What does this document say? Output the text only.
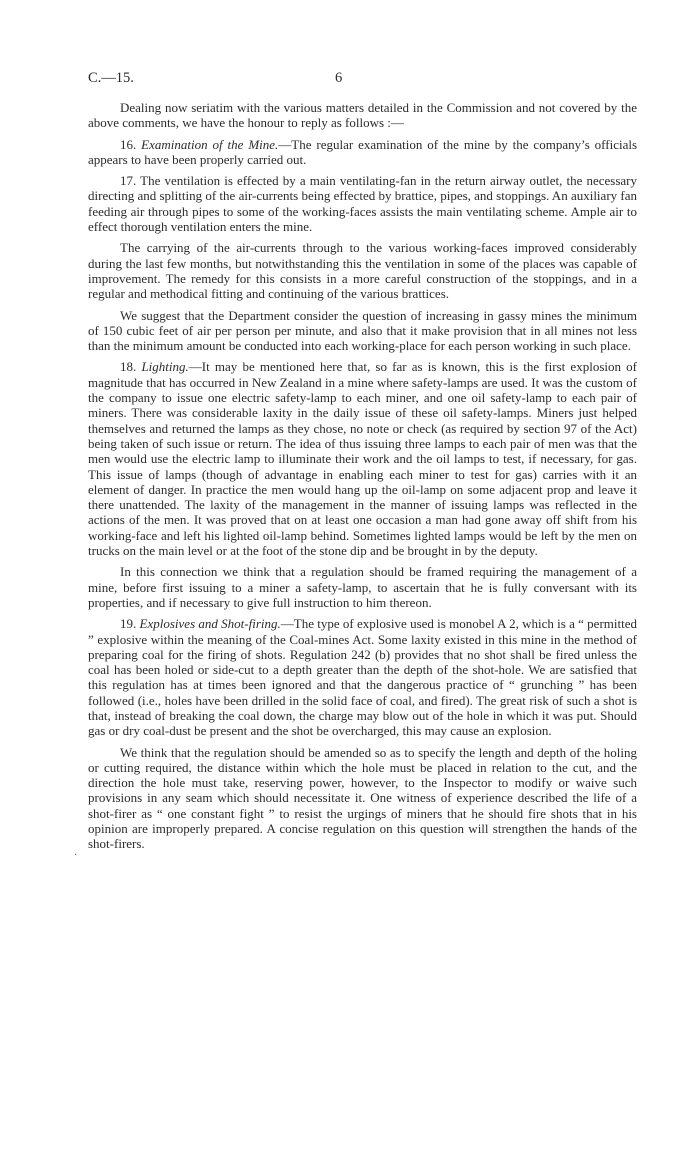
C.—15.	6

Dealing now seriatim with the various matters detailed in the Commission and not covered by the above comments, we have the honour to reply as follows :—

16. Examination of the Mine.—The regular examination of the mine by the company’s officials appears to have been properly carried out.

17. The ventilation is effected by a main ventilating-fan in the return airway outlet, the necessary directing and splitting of the air-currents being effected by brattice, pipes, and stoppings. An auxiliary fan feeding air through pipes to some of the working-faces assists the main ventilating scheme. Ample air to effect thorough ventilation enters the mine.

The carrying of the air-currents through to the various working-faces improved considerably during the last few months, but notwithstanding this the ventilation in some of the places was capable of improvement. The remedy for this consists in a more careful construction of the stoppings, and in a regular and methodical fitting and continuing of the various brattices.

We suggest that the Department consider the question of increasing in gassy mines the minimum of 150 cubic feet of air per person per minute, and also that it make provision that in all mines not less than the minimum amount be conducted into each working-place for each person working in such place.

18. Lighting.—It may be mentioned here that, so far as is known, this is the first explosion of magnitude that has occurred in New Zealand in a mine where safety-lamps are used. It was the custom of the company to issue one electric safety-lamp to each miner, and one oil safety-lamp to each pair of miners. There was considerable laxity in the daily issue of these oil safety-lamps. Miners just helped themselves and returned the lamps as they chose, no note or check (as required by section 97 of the Act) being taken of such issue or return. The idea of thus issuing three lamps to each pair of men was that the men would use the electric lamp to illuminate their work and the oil lamps to test, if necessary, for gas. This issue of lamps (though of advantage in enabling each miner to test for gas) carries with it an element of danger. In practice the men would hang up the oil-lamp on some adjacent prop and leave it there unattended. The laxity of the management in the manner of issuing lamps was reflected in the actions of the men. It was proved that on at least one occasion a man had gone away off shift from his working-face and left his lighted oil-lamp behind. Sometimes lighted lamps would be left by the men on trucks on the main level or at the foot of the stone dip and be brought in by the deputy.

In this connection we think that a regulation should be framed requiring the management of a mine, before first issuing to a miner a safety-lamp, to ascertain that he is fully conversant with its properties, and if necessary to give full instruction to him thereon.

19. Explosives and Shot-firing.—The type of explosive used is monobel A 2, which is a “ permitted ” explosive within the meaning of the Coal-mines Act. Some laxity existed in this mine in the method of preparing coal for the firing of shots. Regulation 242 (b) provides that no shot shall be fired unless the coal has been holed or side-cut to a depth greater than the depth of the shot-hole. We are satisfied that this regulation has at times been ignored and that the dangerous practice of “ grunching ” has been followed (i.e., holes have been drilled in the solid face of coal, and fired). The great risk of such a shot is that, instead of breaking the coal down, the charge may blow out of the hole in which it was put. Should gas or dry coal-dust be present and the shot be overcharged, this may cause an explosion.

We think that the regulation should be amended so as to specify the length and depth of the holing or cutting required, the distance within which the hole must be placed in relation to the cut, and the direction the hole must take, reserving power, however, to the Inspector to modify or waive such provisions in any seam which should necessitate it. One witness of experience described the life of a shot-firer as “ one constant fight ” to resist the urgings of miners that he should fire shots that in his opinion are improperly prepared. A concise regulation on this question will strengthen the hands of the shot-firers.

·
